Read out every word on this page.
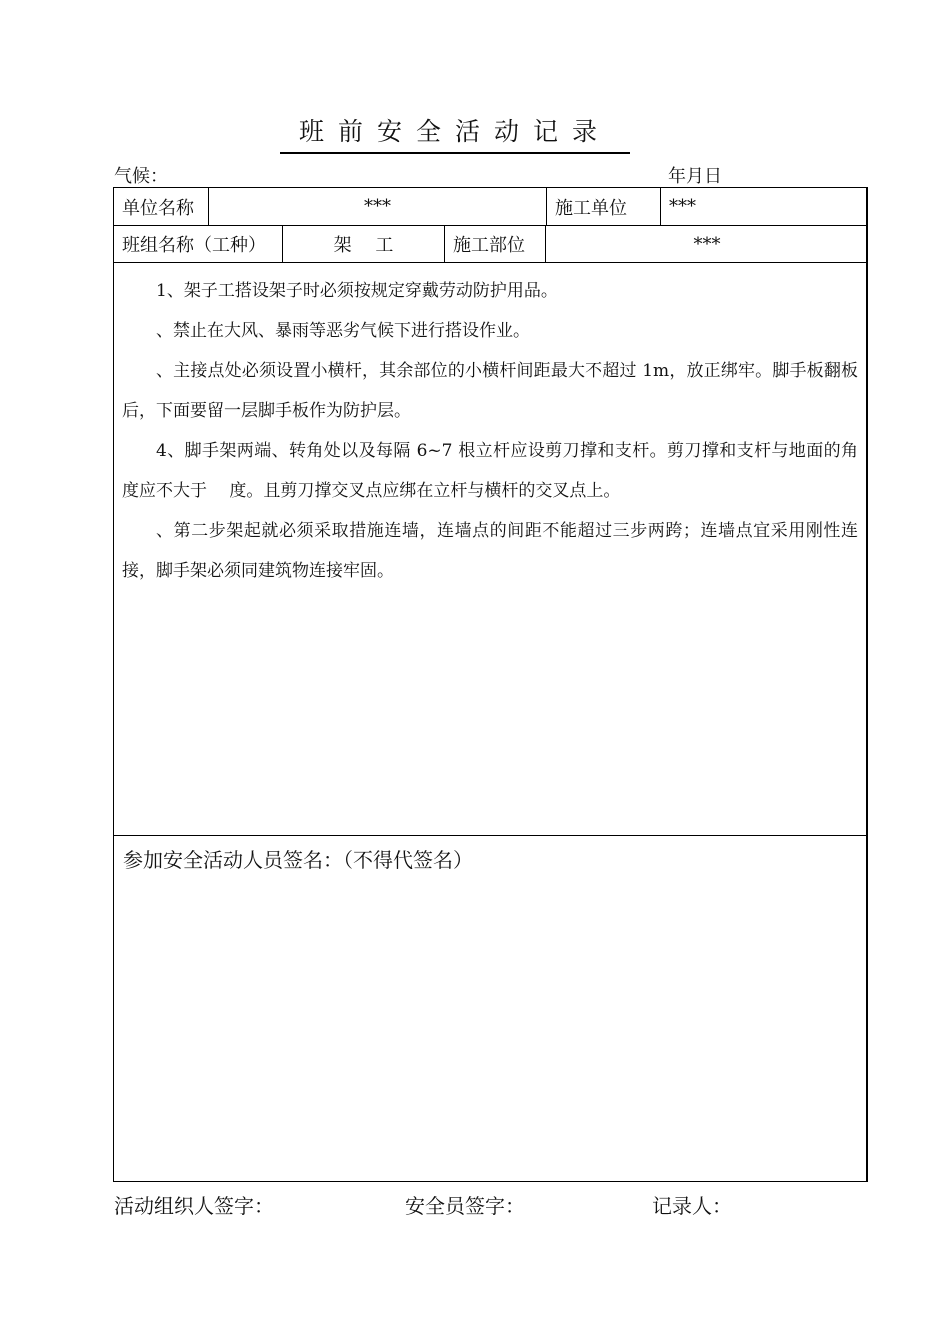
班前安全活动记录
气候：	年月日
单位名称	***	施工单位	***
班组名称（工种）	架　 工	施工部位	***

1、架子工搭设架子时必须按规定穿戴劳动防护用品。

、禁止在大风、暴雨等恶劣气候下进行搭设作业。

、主接点处必须设置小横杆，其余部位的小横杆间距最大不超过 1m，放正绑牢。脚手板翻板后，下面要留一层脚手板作为防护层。

4、脚手架两端、转角处以及每隔 6~7 根立杆应设剪刀撑和支杆。剪刀撑和支杆与地面的角度应不大于　 度。且剪刀撑交叉点应绑在立杆与横杆的交叉点上。

、第二步架起就必须采取措施连墙，连墙点的间距不能超过三步两跨；连墙点宜采用刚性连接，脚手架必须同建筑物连接牢固。

参加安全活动人员签名：（不得代签名）
活动组织人签字：	安全员签字：	记录人：
